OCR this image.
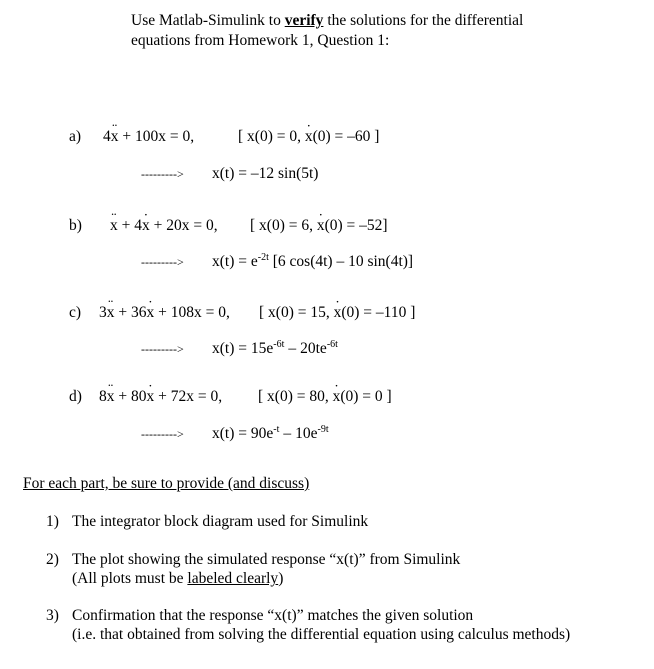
Use Matlab-Simulink to verify the solutions for the differential
equations from Homework 1, Question 1:
a) 4¨ x + 100x = 0,	[ x(0) = 0, ˙ x(0) = –60 ]
---------> x(t) = –12 sin(5t)
b) ¨ x + 4˙ x + 20x = 0, [ x(0) = 6, ˙ x(0) = –52]
---------> $x(t) = e^{-2t}$ [6 cos(4t) – 10 sin(4t)]
c) 3¨ x + 36˙ x + 108x = 0, [ x(0) = 15, ˙ x(0) = –110 ]
---------> $x(t) = 15e^{-6t} - 20te^{-6t}$
d) 8¨ x + 80˙ x + 72x = 0, [ x(0) = 80, ˙ x(0) = 0 ]
---------> $x(t) = 90e^{-t} - 10e^{-9t}$
For each part, be sure to provide (and discuss)
1) The integrator block diagram used for Simulink
2) The plot showing the simulated response “x(t)” from Simulink
(All plots must be labeled clearly)
3) Confirmation that the response “x(t)” matches the given solution
(i.e. that obtained from solving the differential equation using calculus methods)
